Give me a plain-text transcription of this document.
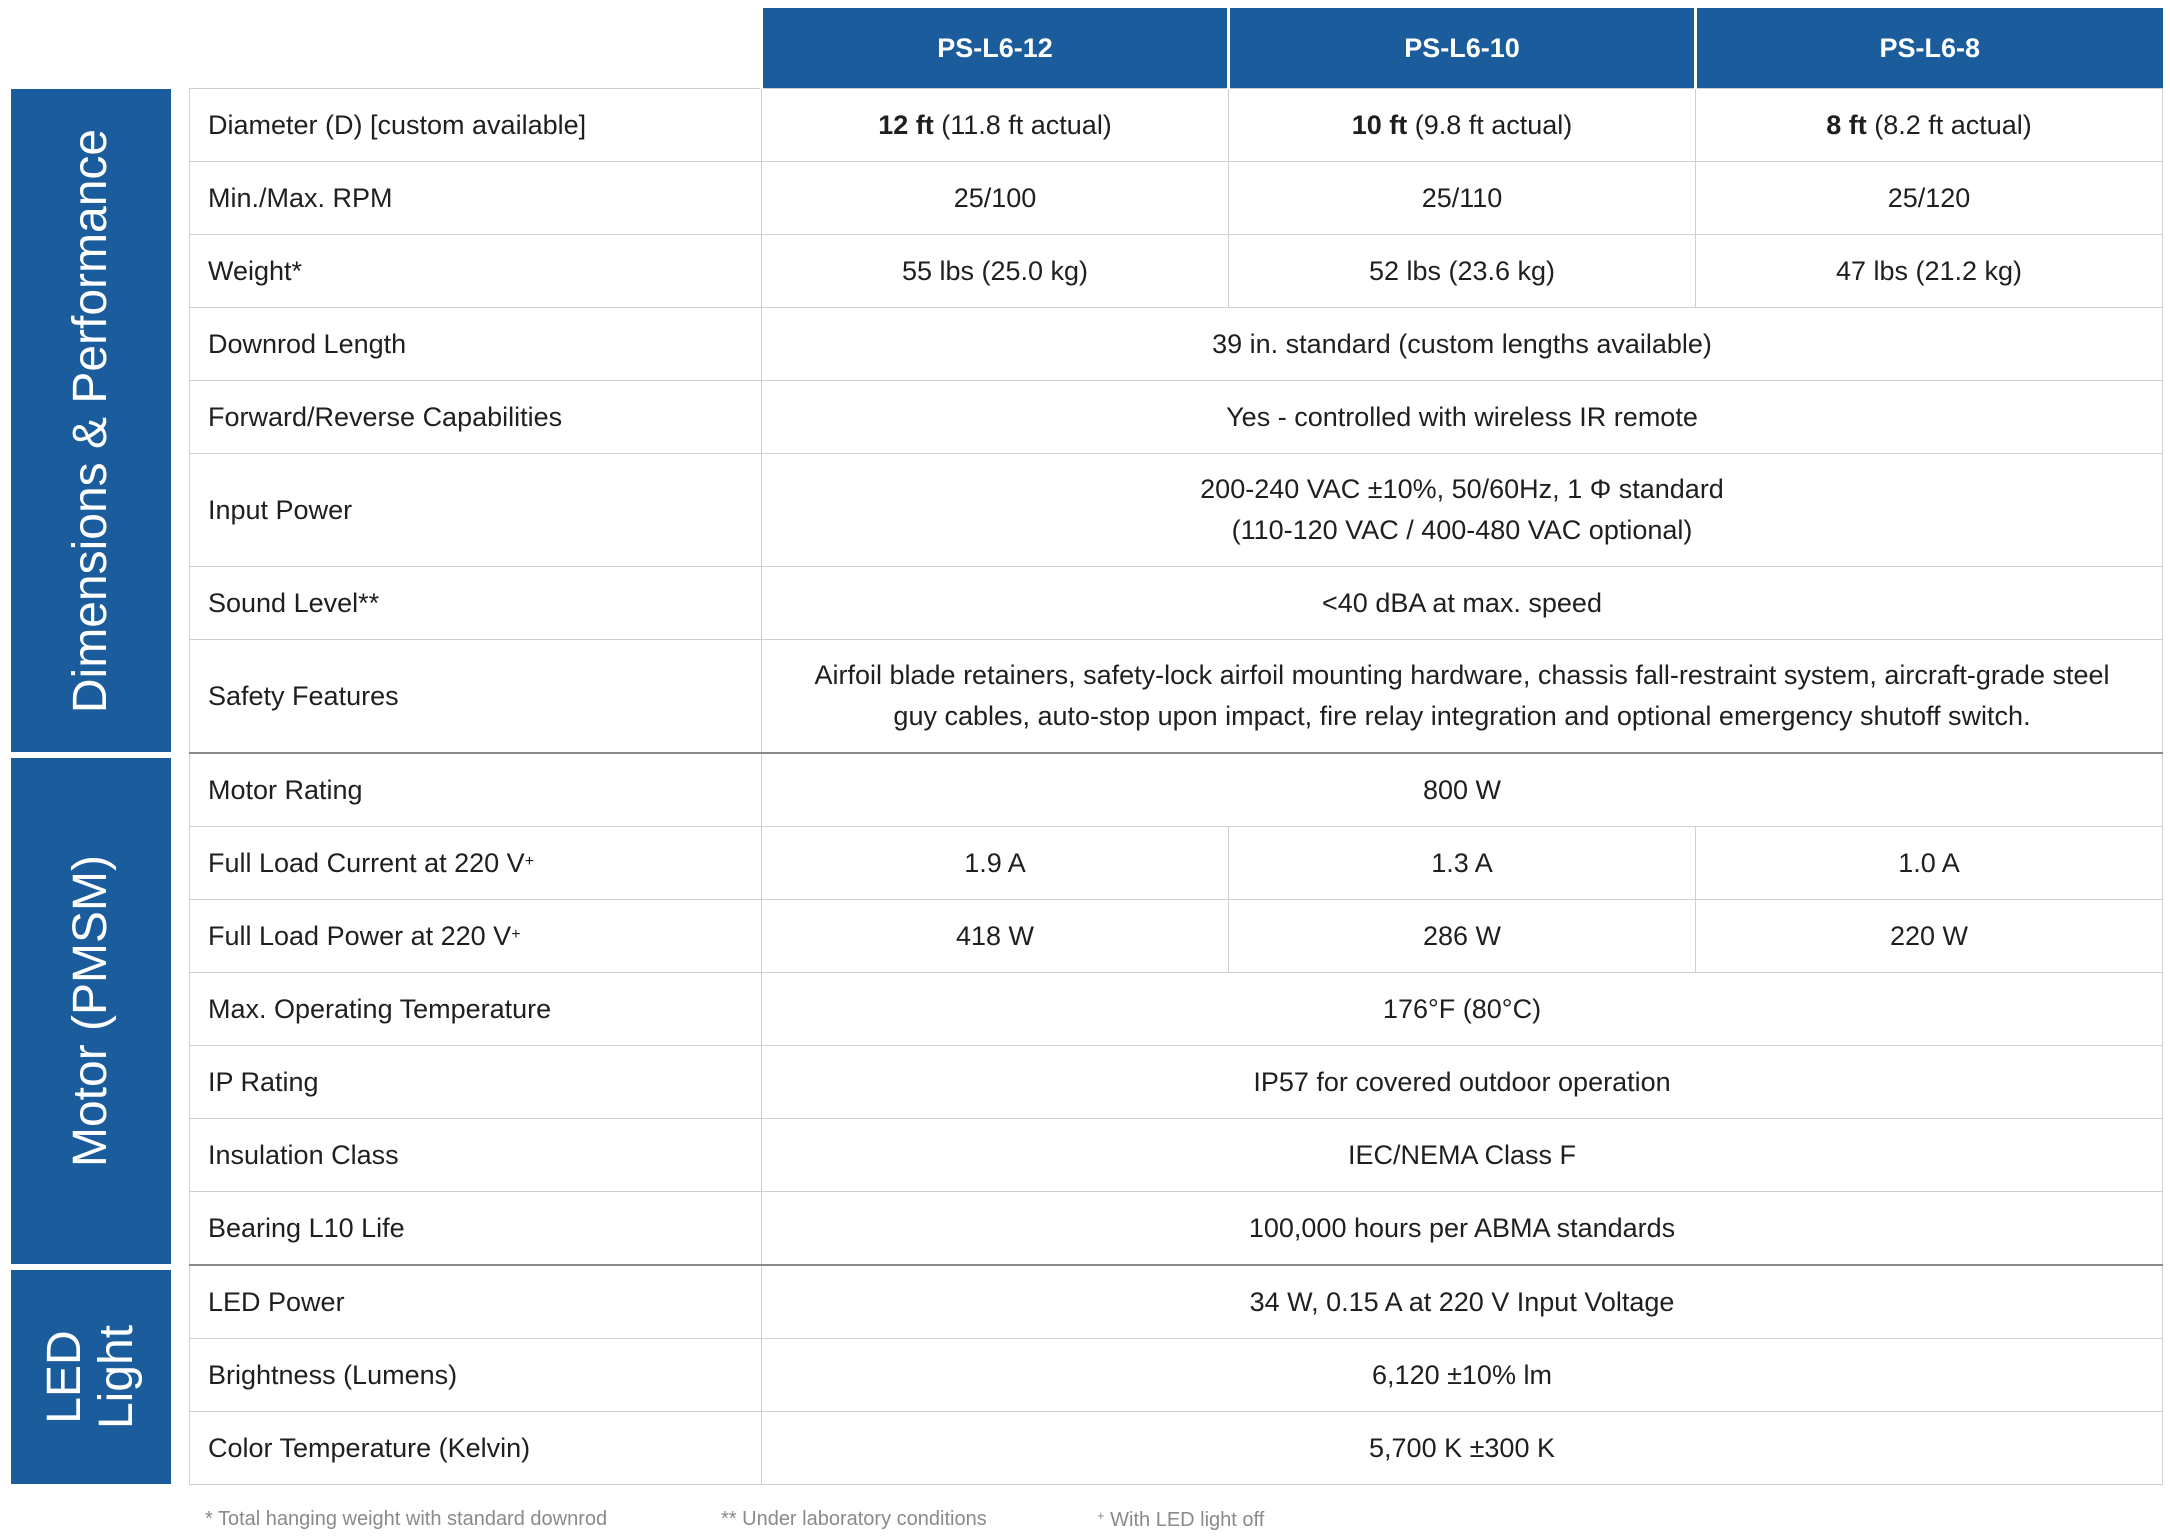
Dimensions & Performance
Motor (PMSM)
LED Light
	PS-L6-12	PS-L6-10	PS-L6-8
Diameter (D) [custom available]	12 ft (11.8 ft actual)	10 ft (9.8 ft actual)	8 ft (8.2 ft actual)
Min./Max. RPM	25/100	25/110	25/120
Weight*	55 lbs (25.0 kg)	52 lbs (23.6 kg)	47 lbs (21.2 kg)
Downrod Length	39 in. standard (custom lengths available)		
Forward/Reverse Capabilities	Yes - controlled with wireless IR remote		
Input Power	200-240 VAC ±10%, 50/60Hz, 1 Φ standard
(110-120 VAC / 400-480 VAC optional)		

Sound Level**	<40 dBA at max. speed		
Safety Features	Airfoil blade retainers, safety-lock airfoil mounting hardware, chassis fall-restraint system, aircraft-grade steel
guy cables, auto-stop upon impact, fire relay integration and optional emergency shutoff switch.		

Motor Rating	800 W		
Full Load Current at 220 V+	1.9 A	1.3 A	1.0 A
Full Load Power at 220 V+	418 W	286 W	220 W
Max. Operating Temperature	176°F (80°C)		
IP Rating	IP57 for covered outdoor operation		
Insulation Class	IEC/NEMA Class F		
Bearing L10 Life	100,000 hours per ABMA standards		
LED Power	34 W, 0.15 A at 220 V Input Voltage		
Brightness (Lumens)	6,120 ±10% lm		
Color Temperature (Kelvin)	5,700 K ±300 K		
* Total hanging weight with standard downrod	** Under laboratory conditions	+ With LED light off
